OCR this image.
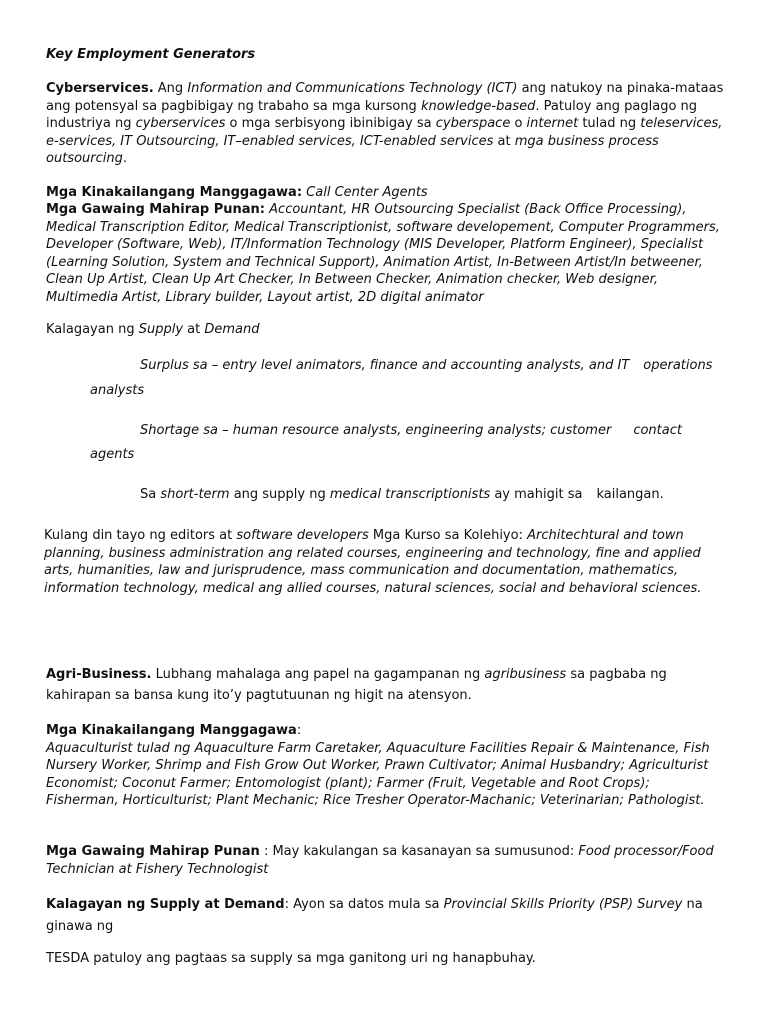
Key Employment Generators
Cyberservices. Ang Information and Communications Technology (ICT) ang natukoy na pinaka-mataas ang potensyal sa pagbibigay ng trabaho sa mga kursong knowledge-based. Patuloy ang paglago ng industriya ng cyberservices o mga serbisyong ibinibigay sa cyberspace o internet tulad ng teleservices, e-services, IT Outsourcing, IT–enabled services, ICT-enabled services at mga business process outsourcing.
Mga Kinakailangang Manggagawa: Call Center Agents
Mga Gawaing Mahirap Punan: Accountant, HR Outsourcing Specialist (Back Office Processing), Medical Transcription Editor, Medical Transcriptionist, software developement, Computer Programmers, Developer (Software, Web), IT/Information Technology (MIS Developer, Platform Engineer), Specialist (Learning Solution, System and Technical Support), Animation Artist, In-Between Artist/In betweener, Clean Up Artist, Clean Up Art Checker, In Between Checker, Animation checker, Web designer, Multimedia Artist, Library builder, Layout artist, 2D digital animator
Kalagayan ng Supply at Demand
Surplus sa – entry level animators, finance and accounting analysts, and IT operations
analysts
Shortage sa – human resource analysts, engineering analysts; customer contact
agents
Sa short-term ang supply ng medical transcriptionists ay mahigit sa kailangan.
Kulang din tayo ng editors at software developers Mga Kurso sa Kolehiyo: Architechtural and town planning, business administration ang related courses, engineering and technology, fine and applied arts, humanities, law and jurisprudence, mass communication and documentation, mathematics, information technology, medical ang allied courses, natural sciences, social and behavioral sciences.
Agri-Business. Lubhang mahalaga ang papel na gagampanan ng agribusiness sa pagbaba ng kahirapan sa bansa kung ito’y pagtutuunan ng higit na atensyon.
Mga Kinakailangang Manggagawa:
Aquaculturist tulad ng Aquaculture Farm Caretaker, Aquaculture Facilities Repair & Maintenance, Fish Nursery Worker, Shrimp and Fish Grow Out Worker, Prawn Cultivator; Animal Husbandry; Agriculturist Economist; Coconut Farmer; Entomologist (plant); Farmer (Fruit, Vegetable and Root Crops); Fisherman, Horticulturist; Plant Mechanic; Rice Tresher Operator-Machanic; Veterinarian; Pathologist.
Mga Gawaing Mahirap Punan : May kakulangan sa kasanayan sa sumusunod: Food processor/Food Technician at Fishery Technologist
Kalagayan ng Supply at Demand: Ayon sa datos mula sa Provincial Skills Priority (PSP) Survey na ginawa ng
TESDA patuloy ang pagtaas sa supply sa mga ganitong uri ng hanapbuhay.
